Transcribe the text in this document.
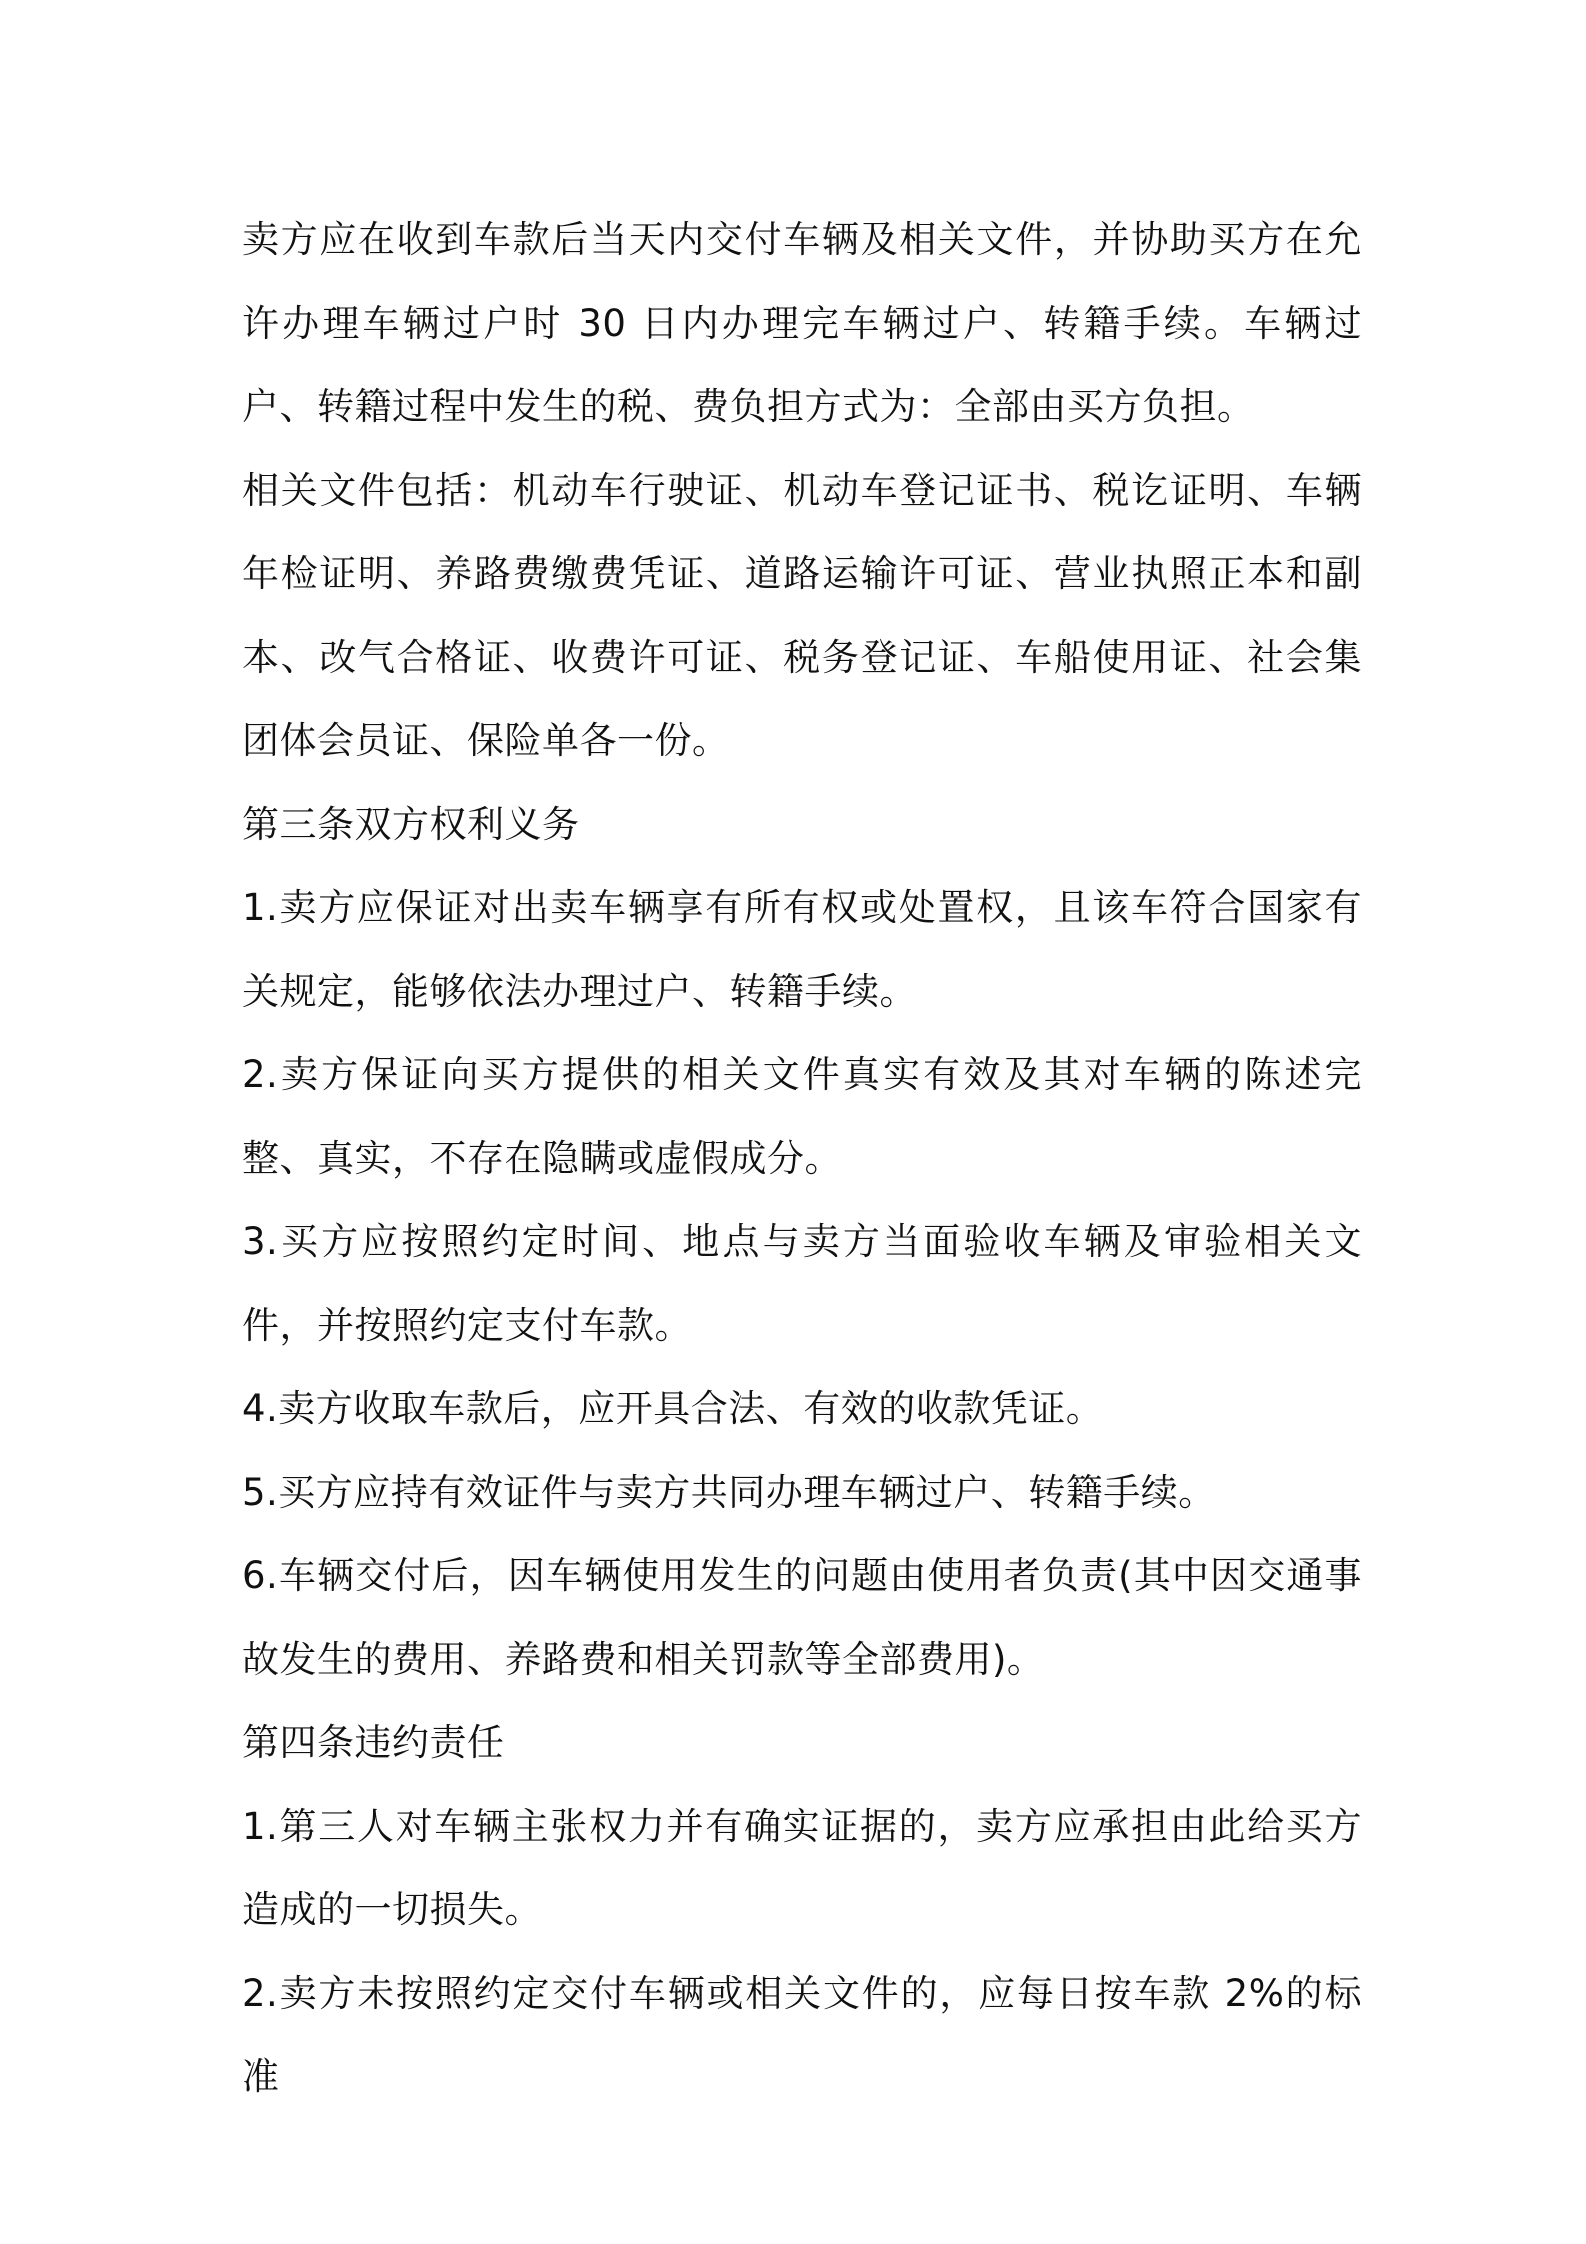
卖方应在收到车款后当天内交付车辆及相关文件，并协助买方在允许办理车辆过户时 30 日内办理完车辆过户、转籍手续。车辆过户、转籍过程中发生的税、费负担方式为：全部由买方负担。

相关文件包括：机动车行驶证、机动车登记证书、税讫证明、车辆年检证明、养路费缴费凭证、道路运输许可证、营业执照正本和副本、改气合格证、收费许可证、税务登记证、车船使用证、社会集团体会员证、保险单各一份。

第三条双方权利义务

1.卖方应保证对出卖车辆享有所有权或处置权，且该车符合国家有关规定，能够依法办理过户、转籍手续。

2.卖方保证向买方提供的相关文件真实有效及其对车辆的陈述完整、真实，不存在隐瞒或虚假成分。

3.买方应按照约定时间、地点与卖方当面验收车辆及审验相关文件，并按照约定支付车款。

4.卖方收取车款后，应开具合法、有效的收款凭证。

5.买方应持有效证件与卖方共同办理车辆过户、转籍手续。

6.车辆交付后，因车辆使用发生的问题由使用者负责(其中因交通事故发生的费用、养路费和相关罚款等全部费用)。

第四条违约责任

1.第三人对车辆主张权力并有确实证据的，卖方应承担由此给买方造成的一切损失。

2.卖方未按照约定交付车辆或相关文件的，应每日按车款 2%的标准
